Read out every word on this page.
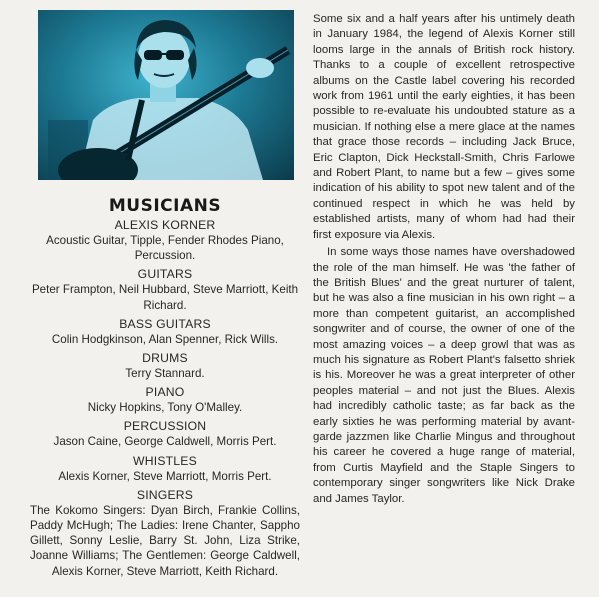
MUSICIANS
ALEXIS KORNER
Acoustic Guitar, Tipple, Fender Rhodes Piano, Percussion.
GUITARS
Peter Frampton, Neil Hubbard, Steve Marriott, Keith Richard.
BASS GUITARS
Colin Hodgkinson, Alan Spenner, Rick Wills.
DRUMS
Terry Stannard.
PIANO
Nicky Hopkins, Tony O'Malley.
PERCUSSION
Jason Caine, George Caldwell, Morris Pert.
WHISTLES
Alexis Korner, Steve Marriott, Morris Pert.
SINGERS
The Kokomo Singers: Dyan Birch, Frankie Collins, Paddy McHugh; The Ladies: Irene Chanter, Sappho Gillett, Sonny Leslie, Barry St. John, Liza Strike, Joanne Williams; The Gentlemen: George Caldwell, Alexis Korner, Steve Marriott, Keith Richard.

Some six and a half years after his untimely death in January 1984, the legend of Alexis Korner still looms large in the annals of British rock history. Thanks to a couple of excellent retrospective albums on the Castle label covering his recorded work from 1961 until the early eighties, it has been possible to re-evaluate his undoubted stature as a musician. If nothing else a mere glace at the names that grace those records – including Jack Bruce, Eric Clapton, Dick Heckstall-Smith, Chris Farlowe and Robert Plant, to name but a few – gives some indication of his ability to spot new talent and of the continued respect in which he was held by established artists, many of whom had had their first exposure via Alexis.

In some ways those names have overshadowed the role of the man himself. He was 'the father of the British Blues' and the great nurturer of talent, but he was also a fine musician in his own right – a more than competent guitarist, an accomplished songwriter and of course, the owner of one of the most amazing voices – a deep growl that was as much his signature as Robert Plant's falsetto shriek is his. Moreover he was a great interpreter of other peoples material – and not just the Blues. Alexis had incredibly catholic taste; as far back as the early sixties he was performing material by avant-garde jazzmen like Charlie Mingus and throughout his career he covered a huge range of material, from Curtis Mayfield and the Staple Singers to contemporary singer songwriters like Nick Drake and James Taylor.
